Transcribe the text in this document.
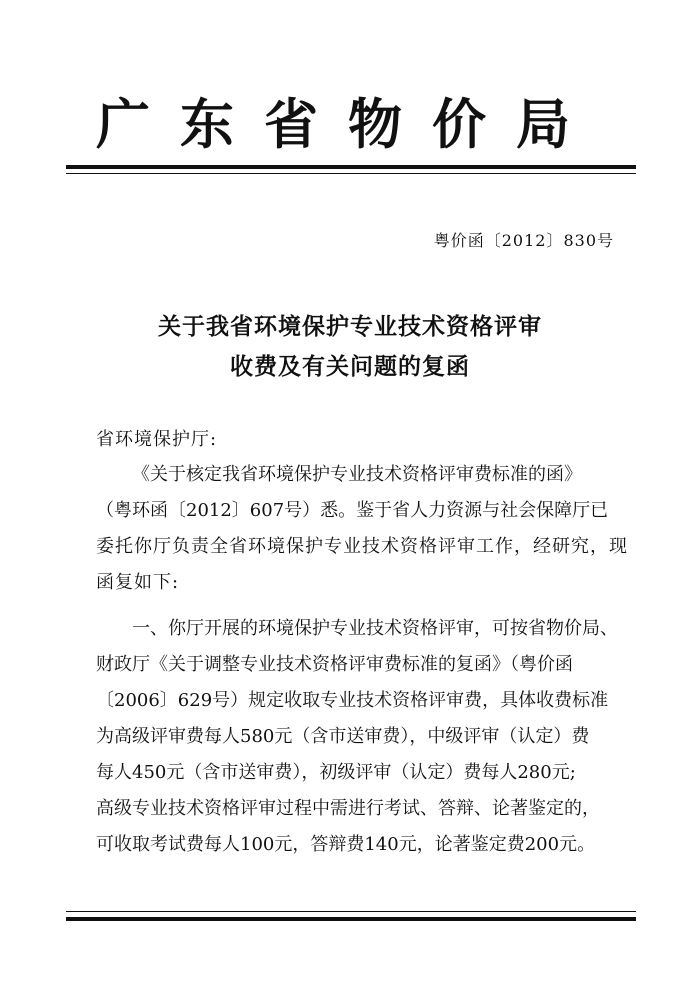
广东省物价局
粤价函〔2012〕830号
关于我省环境保护专业技术资格评审
收费及有关问题的复函
省环境保护厅:
《关于核定我省环境保护专业技术资格评审费标准的函》
（粤环函〔2012〕607号）悉。鉴于省人力资源与社会保障厅已
委托你厅负责全省环境保护专业技术资格评审工作，经研究，现
函复如下:
一、你厅开展的环境保护专业技术资格评审，可按省物价局、
财政厅《关于调整专业技术资格评审费标准的复函》（粤价函
〔2006〕629号）规定收取专业技术资格评审费，具体收费标准
为高级评审费每人580元（含市送审费），中级评审（认定）费
每人450元（含市送审费），初级评审（认定）费每人280元;
高级专业技术资格评审过程中需进行考试、答辩、论著鉴定的，
可收取考试费每人100元，答辩费140元，论著鉴定费200元。
